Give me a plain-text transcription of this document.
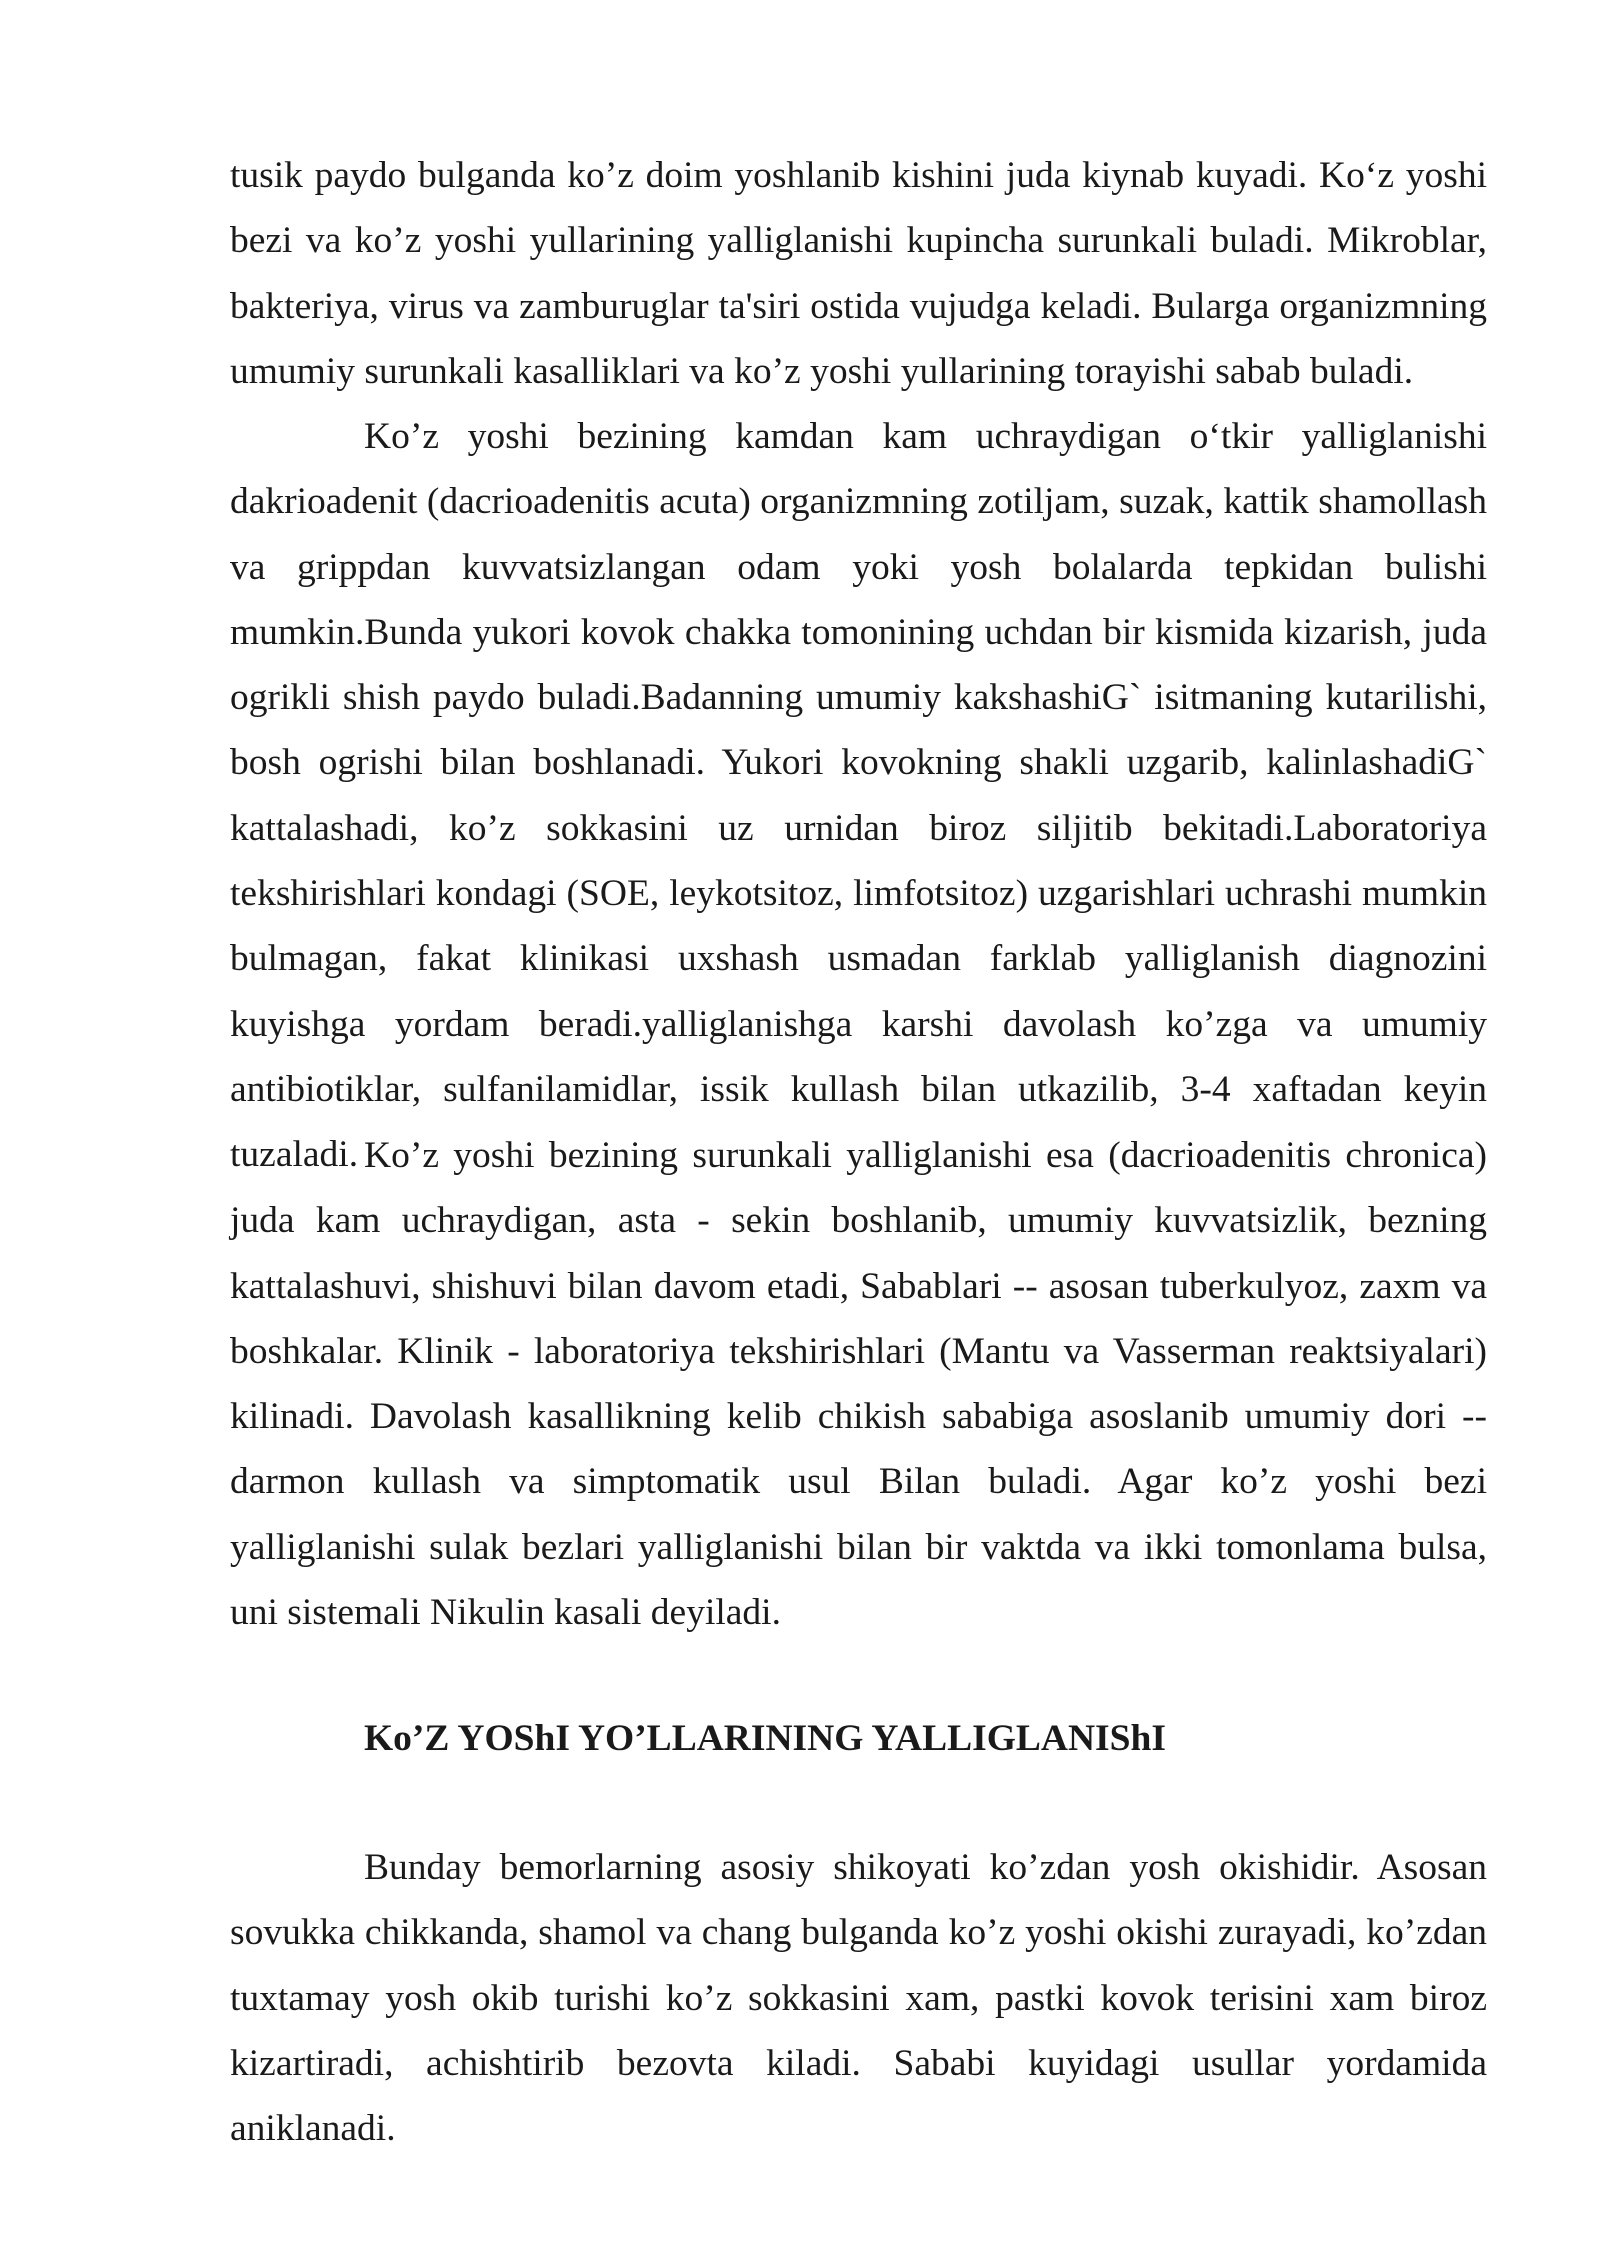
tusik paydo bulganda ko’z doim yoshlanib kishini juda kiynab kuyadi. Ko‘z yoshi bezi va ko’z yoshi yullarining yalliglanishi kupincha surunkali buladi. Mikroblar, bakteriya, virus va zamburuglar ta'siri ostida vujudga keladi. Bularga organizmning umumiy surunkali kasalliklari va ko’z yoshi yullarining torayishi sabab buladi.

Ko’z yoshi bezining kamdan kam uchraydigan o‘tkir yalliglanishi dakrioadenit (dacrioadenitis acuta) organizmning zotiljam, suzak, kattik shamollash va grippdan kuvvatsizlangan odam yoki yosh bolalarda tepkidan bulishi mumkin.Bunda yukori kovok chakka tomonining uchdan bir kismida kizarish, juda ogrikli shish paydo buladi.Badanning umumiy kakshashiG` isitmaning kutarilishi, bosh ogrishi bilan boshlanadi. Yukori kovokning shakli uzgarib, kalinlashadiG` kattalashadi, ko’z sokkasini uz urnidan biroz siljitib bekitadi.Laboratoriya tekshirishlari kondagi (SOE, leykotsitoz, limfotsitoz) uzgarishlari uchrashi mumkin bulmagan, fakat klinikasi uxshash usmadan farklab yalliglanish diagnozini kuyishga yordam beradi.yalliglanishga karshi davolash ko’zga va umumiy antibiotiklar, sulfanilamidlar, issik kullash bilan utkazilib, 3-4 xaftadan keyin tuzaladi. Ko’z yoshi bezining surunkali yalliglanishi esa (dacrioadenitis chronica) juda kam uchraydigan, asta - sekin boshlanib, umumiy kuvvatsizlik, bezning kattalashuvi, shishuvi bilan davom etadi, Sabablari -- asosan tuberkulyoz, zaxm va boshkalar. Klinik - laboratoriya tekshirishlari (Mantu va Vasserman reaktsiyalari) kilinadi. Davolash kasallikning kelib chikish sababiga asoslanib umumiy dori -- darmon kullash va simptomatik usul Bilan buladi. Agar ko’z yoshi bezi yalliglanishi sulak bezlari yalliglanishi bilan bir vaktda va ikki tomonlama bulsa, uni sistemali Nikulin kasali deyiladi.

Ko’Z YOShI YO’LLARINING YALLIGLANIShI

Bunday bemorlarning asosiy shikoyati ko’zdan yosh okishidir. Asosan sovukka chikkanda, shamol va chang bulganda ko’z yoshi okishi zurayadi, ko’zdan tuxtamay yosh okib turishi ko’z sokkasini xam, pastki kovok terisini xam biroz kizartiradi, achishtirib bezovta kiladi. Sababi kuyidagi usullar yordamida aniklanadi.
